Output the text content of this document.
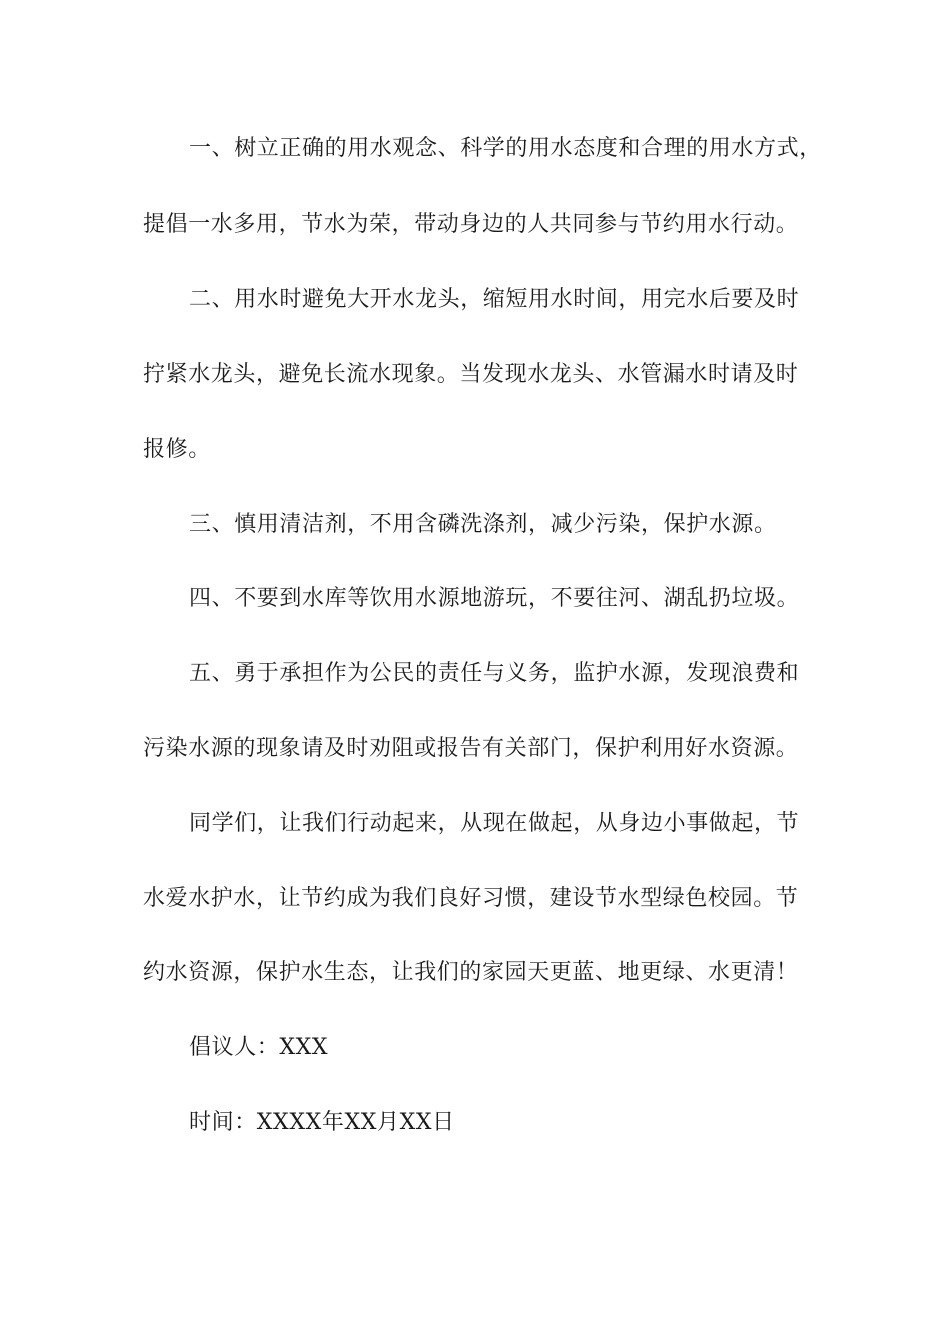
一、树立正确的用水观念、科学的用水态度和合理的用水方式，
提倡一水多用，节水为荣，带动身边的人共同参与节约用水行动。
二、用水时避免大开水龙头，缩短用水时间，用完水后要及时
拧紧水龙头，避免长流水现象。当发现水龙头、水管漏水时请及时
报修。
三、慎用清洁剂，不用含磷洗涤剂，减少污染，保护水源。
四、不要到水库等饮用水源地游玩，不要往河、湖乱扔垃圾。
五、勇于承担作为公民的责任与义务，监护水源，发现浪费和
污染水源的现象请及时劝阻或报告有关部门，保护利用好水资源。
同学们，让我们行动起来，从现在做起，从身边小事做起，节
水爱水护水，让节约成为我们良好习惯，建设节水型绿色校园。节
约水资源，保护水生态，让我们的家园天更蓝、地更绿、水更清！
倡议人：XXX
时间：XXXX年XX月XX日
